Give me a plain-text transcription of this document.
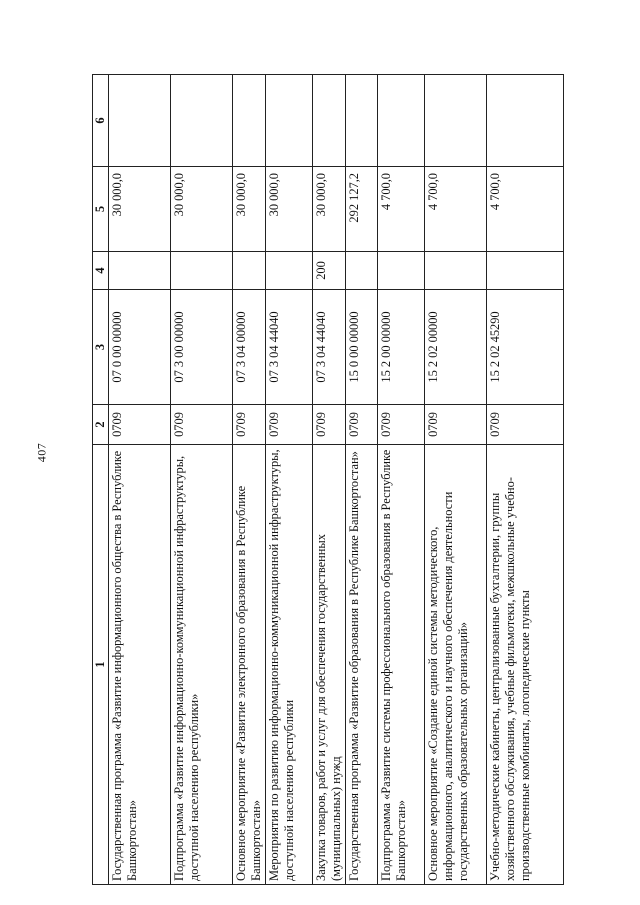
407
1	2	3	4	5	6
Государственная программа «Развитие информационного общества в Республике Башкортостан»	0709	07 0 00 00000		30 000,0	
Подпрограмма «Развитие информационно-коммуникационной инфраструктуры, доступной населению республики»	0709	07 3 00 00000		30 000,0	
Основное мероприятие «Развитие электронного образования в Республике Башкортостан»	0709	07 3 04 00000		30 000,0	
Мероприятия по развитию информационно-коммуникационной инфраструктуры, доступной населению республики	0709	07 3 04 44040		30 000,0	
Закупка товаров, работ и услуг для обеспечения государственных (муниципальных) нужд	0709	07 3 04 44040	200	30 000,0	
Государственная программа «Развитие образования в Республике Башкортостан»	0709	15 0 00 00000		292 127,2	
Подпрограмма «Развитие системы профессионального образования в Республике Башкортостан»	0709	15 2 00 00000		4 700,0	
Основное мероприятие «Создание единой системы методического, информационного, аналитического и научного обеспечения деятельности государственных образовательных организаций»	0709	15 2 02 00000		4 700,0	
Учебно-методические кабинеты, централизованные бухгалтерии, группы хозяйственного обслуживания, учебные фильмотеки, межшкольные учебно-производственные комбинаты, логопедические пункты	0709	15 2 02 45290		4 700,0	
